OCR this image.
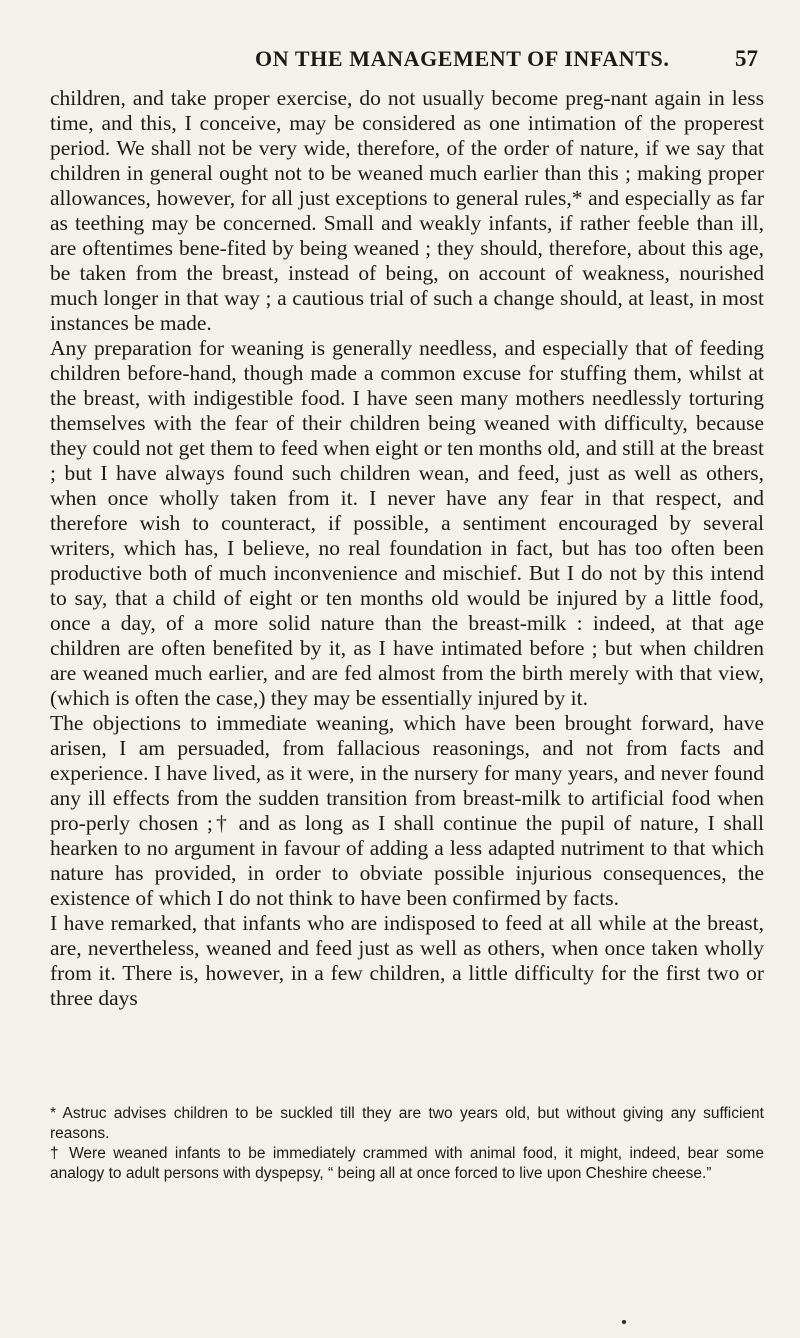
ON THE MANAGEMENT OF INFANTS.	57

children, and take proper exercise, do not usually become preg-nant again in less time, and this, I conceive, may be considered as one intimation of the properest period. We shall not be very wide, therefore, of the order of nature, if we say that children in general ought not to be weaned much earlier than this ; making proper allowances, however, for all just exceptions to general rules,* and especially as far as teething may be concerned. Small and weakly infants, if rather feeble than ill, are oftentimes bene-fited by being weaned ; they should, therefore, about this age, be taken from the breast, instead of being, on account of weakness, nourished much longer in that way ; a cautious trial of such a change should, at least, in most instances be made.

Any preparation for weaning is generally needless, and especially that of feeding children before-hand, though made a common excuse for stuffing them, whilst at the breast, with indigestible food. I have seen many mothers needlessly torturing themselves with the fear of their children being weaned with difficulty, because they could not get them to feed when eight or ten months old, and still at the breast ; but I have always found such children wean, and feed, just as well as others, when once wholly taken from it. I never have any fear in that respect, and therefore wish to counteract, if possible, a sentiment encouraged by several writers, which has, I believe, no real foundation in fact, but has too often been productive both of much inconvenience and mischief. But I do not by this intend to say, that a child of eight or ten months old would be injured by a little food, once a day, of a more solid nature than the breast-milk : indeed, at that age children are often benefited by it, as I have intimated before ; but when children are weaned much earlier, and are fed almost from the birth merely with that view, (which is often the case,) they may be essentially injured by it.

The objections to immediate weaning, which have been brought forward, have arisen, I am persuaded, from fallacious reasonings, and not from facts and experience. I have lived, as it were, in the nursery for many years, and never found any ill effects from the sudden transition from breast-milk to artificial food when pro-perly chosen ;† and as long as I shall continue the pupil of nature, I shall hearken to no argument in favour of adding a less adapted nutriment to that which nature has provided, in order to obviate possible injurious consequences, the existence of which I do not think to have been confirmed by facts.

I have remarked, that infants who are indisposed to feed at all while at the breast, are, nevertheless, weaned and feed just as well as others, when once taken wholly from it. There is, however, in a few children, a little difficulty for the first two or three days

* Astruc advises children to be suckled till they are two years old, but without giving any sufficient reasons.

† Were weaned infants to be immediately crammed with animal food, it might, indeed, bear some analogy to adult persons with dyspepsy, “ being all at once forced to live upon Cheshire cheese.”
